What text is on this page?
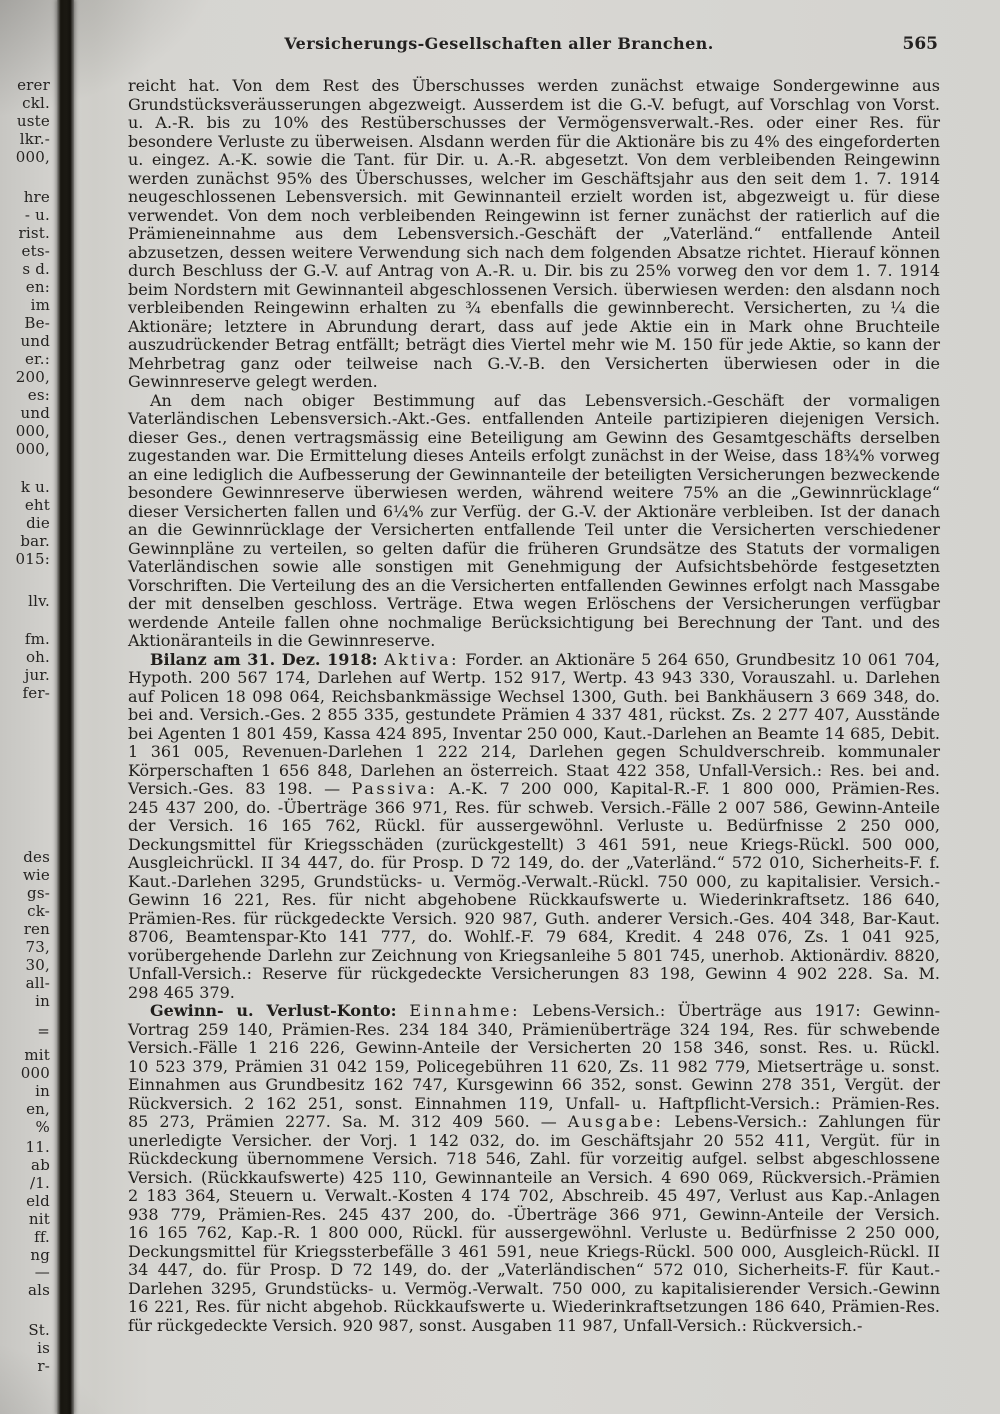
erer
ckl.
uste
lkr.-
000,
hre
- u.
rist.
ets-
s d.
en:
im
Be-
und
er.:
200,
es:
und
000,
000,
k u.
eht
die
bar.
015:
llv.
fm.
oh.
jur.
fer-
des
wie
gs-
ck-
ren
73,
30,
all-
in
=
mit
000
in
en,
%
11.
ab
/1.
eld
nit
ff.
ng
—
als
St.
is
r-
Versicherungs-Gesellschaften aller Branchen.	565

reicht hat. Von dem Rest des Überschusses werden zunächst etwaige Sondergewinne aus Grundstücksveräusserungen abgezweigt. Ausserdem ist die G.-V. befugt, auf Vorschlag von Vorst. u. A.-R. bis zu 10% des Restüberschusses der Vermögensverwalt.-Res. oder einer Res. für besondere Verluste zu überweisen. Alsdann werden für die Aktionäre bis zu 4% des eingeforderten u. eingez. A.-K. sowie die Tant. für Dir. u. A.-R. abgesetzt. Von dem verbleibenden Reingewinn werden zunächst 95% des Überschusses, welcher im Geschäftsjahr aus den seit dem 1. 7. 1914 neugeschlossenen Lebensversich. mit Gewinnanteil erzielt worden ist, abgezweigt u. für diese verwendet. Von dem noch verbleibenden Reingewinn ist ferner zunächst der ratierlich auf die Prämieneinnahme aus dem Lebensversich.-Geschäft der „Vaterländ.“ entfallende Anteil abzusetzen, dessen weitere Verwendung sich nach dem folgenden Absatze richtet. Hierauf können durch Beschluss der G.-V. auf Antrag von A.-R. u. Dir. bis zu 25% vorweg den vor dem 1. 7. 1914 beim Nordstern mit Gewinnanteil abgeschlossenen Versich. überwiesen werden: den alsdann noch verbleibenden Reingewinn erhalten zu ¾ ebenfalls die gewinnberecht. Versicherten, zu ¼ die Aktionäre; letztere in Abrundung derart, dass auf jede Aktie ein in Mark ohne Bruchteile auszudrückender Betrag entfällt; beträgt dies Viertel mehr wie M. 150 für jede Aktie, so kann der Mehrbetrag ganz oder teilweise nach G.-V.-B. den Versicherten überwiesen oder in die Gewinnreserve gelegt werden.

An dem nach obiger Bestimmung auf das Lebensversich.-Geschäft der vormaligen Vaterländischen Lebensversich.-Akt.-Ges. entfallenden Anteile partizipieren diejenigen Versich. dieser Ges., denen vertragsmässig eine Beteiligung am Gewinn des Gesamtgeschäfts derselben zugestanden war. Die Ermittelung dieses Anteils erfolgt zunächst in der Weise, dass 18¾% vorweg an eine lediglich die Aufbesserung der Gewinnanteile der beteiligten Versicherungen bezweckende besondere Gewinnreserve überwiesen werden, während weitere 75% an die „Gewinnrücklage“ dieser Versicherten fallen und 6¼% zur Verfüg. der G.-V. der Aktionäre verbleiben. Ist der danach an die Gewinnrücklage der Versicherten entfallende Teil unter die Versicherten verschiedener Gewinnpläne zu verteilen, so gelten dafür die früheren Grundsätze des Statuts der vormaligen Vaterländischen sowie alle sonstigen mit Genehmigung der Aufsichtsbehörde festgesetzten Vorschriften. Die Verteilung des an die Versicherten entfallenden Gewinnes erfolgt nach Massgabe der mit denselben geschloss. Verträge. Etwa wegen Erlöschens der Versicherungen verfügbar werdende Anteile fallen ohne nochmalige Berücksichtigung bei Berechnung der Tant. und des Aktionäranteils in die Gewinnreserve.

Bilanz am 31. Dez. 1918: Aktiva: Forder. an Aktionäre 5 264 650, Grundbesitz 10 061 704, Hypoth. 200 567 174, Darlehen auf Wertp. 152 917, Wertp. 43 943 330, Vorauszahl. u. Darlehen auf Policen 18 098 064, Reichsbankmässige Wechsel 1300, Guth. bei Bankhäusern 3 669 348, do. bei and. Versich.-Ges. 2 855 335, gestundete Prämien 4 337 481, rückst. Zs. 2 277 407, Ausstände bei Agenten 1 801 459, Kassa 424 895, Inventar 250 000, Kaut.-Darlehen an Beamte 14 685, Debit. 1 361 005, Revenuen-Darlehen 1 222 214, Darlehen gegen Schuldverschreib. kommunaler Körperschaften 1 656 848, Darlehen an österreich. Staat 422 358, Unfall-Versich.: Res. bei and. Versich.-Ges. 83 198. — Passiva: A.-K. 7 200 000, Kapital-R.-F. 1 800 000, Prämien-Res. 245 437 200, do. -Überträge 366 971, Res. für schweb. Versich.-Fälle 2 007 586, Gewinn-Anteile der Versich. 16 165 762, Rückl. für aussergewöhnl. Verluste u. Bedürfnisse 2 250 000, Deckungsmittel für Kriegsschäden (zurückgestellt) 3 461 591, neue Kriegs-Rückl. 500 000, Ausgleichrückl. II 34 447, do. für Prosp. D 72 149, do. der „Vaterländ.“ 572 010, Sicherheits-F. f. Kaut.-Darlehen 3295, Grundstücks- u. Vermög.-Verwalt.-Rückl. 750 000, zu kapitalisier. Versich.-Gewinn 16 221, Res. für nicht abgehobene Rückkaufswerte u. Wiederinkraftsetz. 186 640, Prämien-Res. für rückgedeckte Versich. 920 987, Guth. anderer Versich.-Ges. 404 348, Bar-Kaut. 8706, Beamtenspar-Kto 141 777, do. Wohlf.-F. 79 684, Kredit. 4 248 076, Zs. 1 041 925, vorübergehende Darlehn zur Zeichnung von Kriegsanleihe 5 801 745, unerhob. Aktionärdiv. 8820, Unfall-Versich.: Reserve für rückgedeckte Versicherungen 83 198, Gewinn 4 902 228. Sa. M. 298 465 379.

Gewinn- u. Verlust-Konto: Einnahme: Lebens-Versich.: Überträge aus 1917: Gewinn-Vortrag 259 140, Prämien-Res. 234 184 340, Prämienüberträge 324 194, Res. für schwebende Versich.-Fälle 1 216 226, Gewinn-Anteile der Versicherten 20 158 346, sonst. Res. u. Rückl. 10 523 379, Prämien 31 042 159, Policegebühren 11 620, Zs. 11 982 779, Mietserträge u. sonst. Einnahmen aus Grundbesitz 162 747, Kursgewinn 66 352, sonst. Gewinn 278 351, Vergüt. der Rückversich. 2 162 251, sonst. Einnahmen 119, Unfall- u. Haftpflicht-Versich.: Prämien-Res. 85 273, Prämien 2277. Sa. M. 312 409 560. — Ausgabe: Lebens-Versich.: Zahlungen für unerledigte Versicher. der Vorj. 1 142 032, do. im Geschäftsjahr 20 552 411, Vergüt. für in Rückdeckung übernommene Versich. 718 546, Zahl. für vorzeitig aufgel. selbst abgeschlossene Versich. (Rückkaufswerte) 425 110, Gewinnanteile an Versich. 4 690 069, Rückversich.-Prämien 2 183 364, Steuern u. Verwalt.-Kosten 4 174 702, Abschreib. 45 497, Verlust aus Kap.-Anlagen 938 779, Prämien-Res. 245 437 200, do. -Überträge 366 971, Gewinn-Anteile der Versich. 16 165 762, Kap.-R. 1 800 000, Rückl. für aussergewöhnl. Verluste u. Bedürfnisse 2 250 000, Deckungsmittel für Kriegssterbefälle 3 461 591, neue Kriegs-Rückl. 500 000, Ausgleich-Rückl. II 34 447, do. für Prosp. D 72 149, do. der „Vaterländischen“ 572 010, Sicherheits-F. für Kaut.-Darlehen 3295, Grundstücks- u. Vermög.-Verwalt. 750 000, zu kapitalisierender Versich.-Gewinn 16 221, Res. für nicht abgehob. Rückkaufswerte u. Wiederinkraftsetzungen 186 640, Prämien-Res. für rückgedeckte Versich. 920 987, sonst. Ausgaben 11 987, Unfall-Versich.: Rückversich.-
